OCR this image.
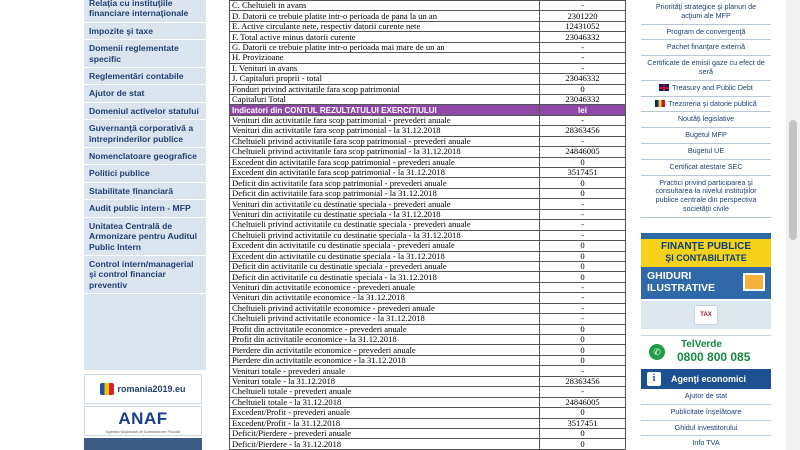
Relaţia cu instituţiile financiare internaţionale
Impozite şi taxe
Domenii reglementate specific
Reglementări contabile
Ajutor de stat
Domeniul activelor statului
Guvernanţă corporativă a întreprinderilor publice
Nomenclatoare geografice
Politici publice
Stabilitate financiară
Audit public intern - MFP
Unitatea Centrală de Armonizare pentru Auditul Public Intern
Control intern/managerial şi control financiar preventiv
romania2019.eu
ANAF
Agenţia Naţională de Administrare Fiscală
C. Cheltuieli in avans	-
D. Datorii ce trebuie platite intr-o perioada de pana la un an	2301220
E. Active circulante nete, respectiv datorii curente nete	12431052
F. Total active minus datorii curente	23046332
G. Datorii ce trebuie platite intr-o perioada mai mare de un an	-
H. Provizioane	-
I. Venituri in avans	-
J. Capitaluri proprii - total	23046332
Fonduri privind activitatile fara scop patrimonial	0
Capitaluri Total	23046332
Indicatori din CONTUL REZULTATULUI EXERCITIULUI	lei
Venituri din activitatile fara scop patrimonial - prevederi anuale	-
Venituri din activitatile fara scop patrimonial - la 31.12.2018	28363456
Cheltuieli privind activitatile fara scop patrimonial - prevederi anuale	-
Cheltuieli privind activitatile fara scop patrimonial - la 31.12.2018	24846005
Excedent din activitatile fara scop patrimonial - prevederi anuale	0
Excedent din activitatile fara scop patrimonial - la 31.12.2018	3517451
Deficit din activitatile fara scop patrimonial - prevederi anuale	0
Deficit din activitatile fara scop patrimonial - la 31.12.2018	0
Venituri din activitatile cu destinatie speciala - prevederi anuale	-
Venituri din activitatile cu destinatie speciala - la 31.12.2018	-
Cheltuieli privind activitatile cu destinatie speciala - prevederi anuale	-
Cheltuieli privind activitatile cu destinatie speciala - la 31.12.2018	-
Excedent din activitatile cu destinatie speciala - prevederi anuale	0
Excedent din activitatile cu destinatie speciala - la 31.12.2018	0
Deficit din activitatile cu destinatie speciala - prevederi anuale	0
Deficit din activitatile cu destinatie speciala - la 31.12.2018	0
Venituri din activitatile economice - prevederi anuale	-
Venituri din activitatile economice - la 31.12.2018	-
Cheltuieli privind activitatile economice - prevederi anuale	-
Cheltuieli privind activitatile economice - la 31.12.2018	-
Profit din activitatile economice - prevederi anuale	0
Profit din activitatile economice - la 31.12.2018	0
Pierdere din activitatile economice - prevederi anuale	0
Pierdere din activitatile economice - la 31.12.2018	0
Venituri totale - prevederi anuale	-
Venituri totale - la 31.12.2018	28363456
Cheltuieli totale - prevederi anuale	-
Cheltuieli totale - la 31.12.2018	24846005
Excedent/Profit - prevederi anuale	0
Excedent/Profit - la 31.12.2018	3517451
Deficit/Pierdere - prevederi anuale	0
Deficit/Pierdere - la 31.12.2018	0
Priorităţi strategice şi planuri de acţiuni ale MFP
Program de convergenţă
Pachet finanţare externă
Certificate de emisii gaze cu efect de seră
Treasury and Public Debt
Trezoreria şi datorie publică
Noutăţi legislative
Bugetul MFP
Bugetul UE
Certificat atestare SEC
Practici privind participarea şi consultarea la nivelul instituţiilor publice centrale din perspectiva societăţii civile
FINANŢE PUBLICE
ŞI CONTABILITATE
GHIDURI
ILUSTRATIVE
TAX
✆
TelVerde
0800 800 085
i	Agenţi economici
Ajutor de stat
Publicitate înşelătoare
Ghidul investitorului
Info TVA
